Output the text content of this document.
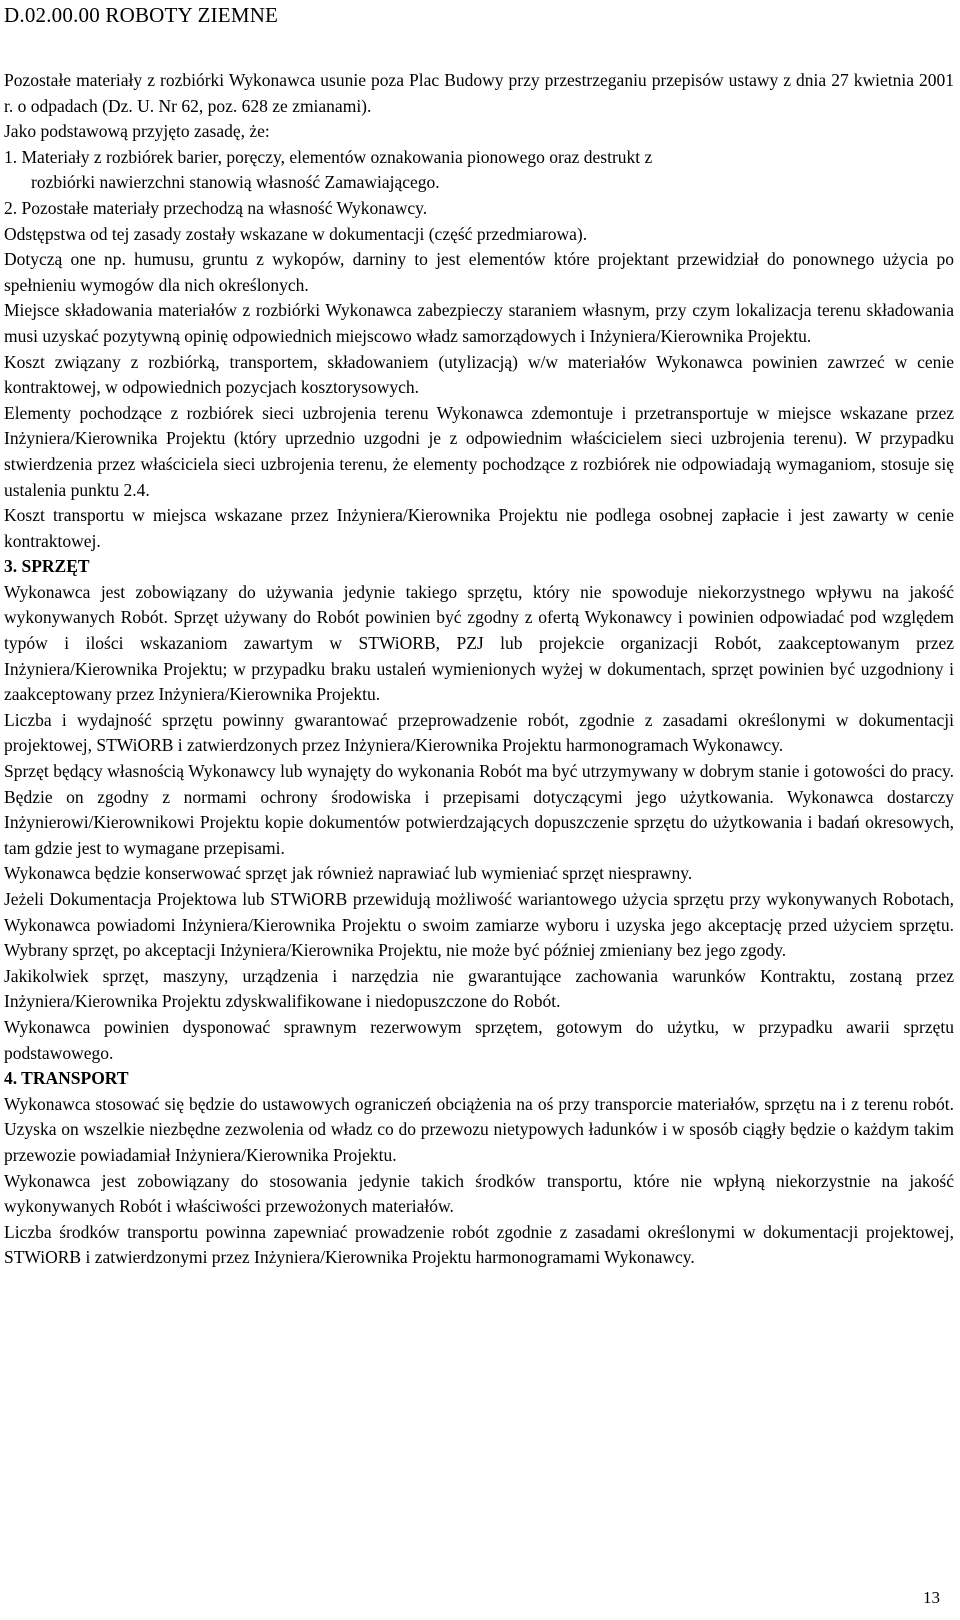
D.02.00.00 ROBOTY ZIEMNE

Pozostałe materiały z rozbiórki Wykonawca usunie poza Plac Budowy przy przestrzeganiu przepisów ustawy z dnia 27 kwietnia 2001 r. o odpadach (Dz. U. Nr 62, poz. 628 ze zmianami).

Jako podstawową przyjęto zasadę, że:

1. Materiały z rozbiórek barier, poręczy, elementów oznakowania pionowego oraz destrukt z
rozbiórki nawierzchni stanowią własność Zamawiającego.

2. Pozostałe materiały przechodzą na własność Wykonawcy.

Odstępstwa od tej zasady zostały wskazane w dokumentacji (część przedmiarowa).

Dotyczą one np. humusu, gruntu z wykopów, darniny to jest elementów które projektant przewidział do ponownego użycia po spełnieniu wymogów dla nich określonych.

Miejsce składowania materiałów z rozbiórki Wykonawca zabezpieczy staraniem własnym, przy czym lokalizacja terenu składowania musi uzyskać pozytywną opinię odpowiednich miejscowo władz samorządowych i Inżyniera/Kierownika Projektu.

Koszt związany z rozbiórką, transportem, składowaniem (utylizacją) w/w materiałów Wykonawca powinien zawrzeć w cenie kontraktowej, w odpowiednich pozycjach kosztorysowych.

Elementy pochodzące z rozbiórek sieci uzbrojenia terenu Wykonawca zdemontuje i przetransportuje w miejsce wskazane przez Inżyniera/Kierownika Projektu (który uprzednio uzgodni je z odpowiednim właścicielem sieci uzbrojenia terenu). W przypadku stwierdzenia przez właściciela sieci uzbrojenia terenu, że elementy pochodzące z rozbiórek nie odpowiadają wymaganiom, stosuje się ustalenia punktu 2.4.

Koszt transportu w miejsca wskazane przez Inżyniera/Kierownika Projektu nie podlega osobnej zapłacie i jest zawarty w cenie kontraktowej.

3. SPRZĘT

Wykonawca jest zobowiązany do używania jedynie takiego sprzętu, który nie spowoduje niekorzystnego wpływu na jakość wykonywanych Robót. Sprzęt używany do Robót powinien być zgodny z ofertą Wykonawcy i powinien odpowiadać pod względem typów i ilości wskazaniom zawartym w STWiORB, PZJ lub projekcie organizacji Robót, zaakceptowanym przez Inżyniera/Kierownika Projektu; w przypadku braku ustaleń wymienionych wyżej w dokumentach, sprzęt powinien być uzgodniony i zaakceptowany przez Inżyniera/Kierownika Projektu.

Liczba i wydajność sprzętu powinny gwarantować przeprowadzenie robót, zgodnie z zasadami określonymi w dokumentacji projektowej, STWiORB i zatwierdzonych przez Inżyniera/Kierownika Projektu harmonogramach Wykonawcy.

Sprzęt będący własnością Wykonawcy lub wynajęty do wykonania Robót ma być utrzymywany w dobrym stanie i gotowości do pracy. Będzie on zgodny z normami ochrony środowiska i przepisami dotyczącymi jego użytkowania. Wykonawca dostarczy Inżynierowi/Kierownikowi Projektu kopie dokumentów potwierdzających dopuszczenie sprzętu do użytkowania i badań okresowych, tam gdzie jest to wymagane przepisami.

Wykonawca będzie konserwować sprzęt jak również naprawiać lub wymieniać sprzęt niesprawny.

Jeżeli Dokumentacja Projektowa lub STWiORB przewidują możliwość wariantowego użycia sprzętu przy wykonywanych Robotach, Wykonawca powiadomi Inżyniera/Kierownika Projektu o swoim zamiarze wyboru i uzyska jego akceptację przed użyciem sprzętu. Wybrany sprzęt, po akceptacji Inżyniera/Kierownika Projektu, nie może być później zmieniany bez jego zgody.

Jakikolwiek sprzęt, maszyny, urządzenia i narzędzia nie gwarantujące zachowania warunków Kontraktu, zostaną przez Inżyniera/Kierownika Projektu zdyskwalifikowane i niedopuszczone do Robót.

Wykonawca powinien dysponować sprawnym rezerwowym sprzętem, gotowym do użytku, w przypadku awarii sprzętu podstawowego.

4. TRANSPORT

Wykonawca stosować się będzie do ustawowych ograniczeń obciążenia na oś przy transporcie materiałów, sprzętu na i z terenu robót. Uzyska on wszelkie niezbędne zezwolenia od władz co do przewozu nietypowych ładunków i w sposób ciągły będzie o każdym takim przewozie powiadamiał Inżyniera/Kierownika Projektu.

Wykonawca jest zobowiązany do stosowania jedynie takich środków transportu, które nie wpłyną niekorzystnie na jakość wykonywanych Robót i właściwości przewożonych materiałów.

Liczba środków transportu powinna zapewniać prowadzenie robót zgodnie z zasadami określonymi w dokumentacji projektowej, STWiORB i zatwierdzonymi przez Inżyniera/Kierownika Projektu harmonogramami Wykonawcy.

13
